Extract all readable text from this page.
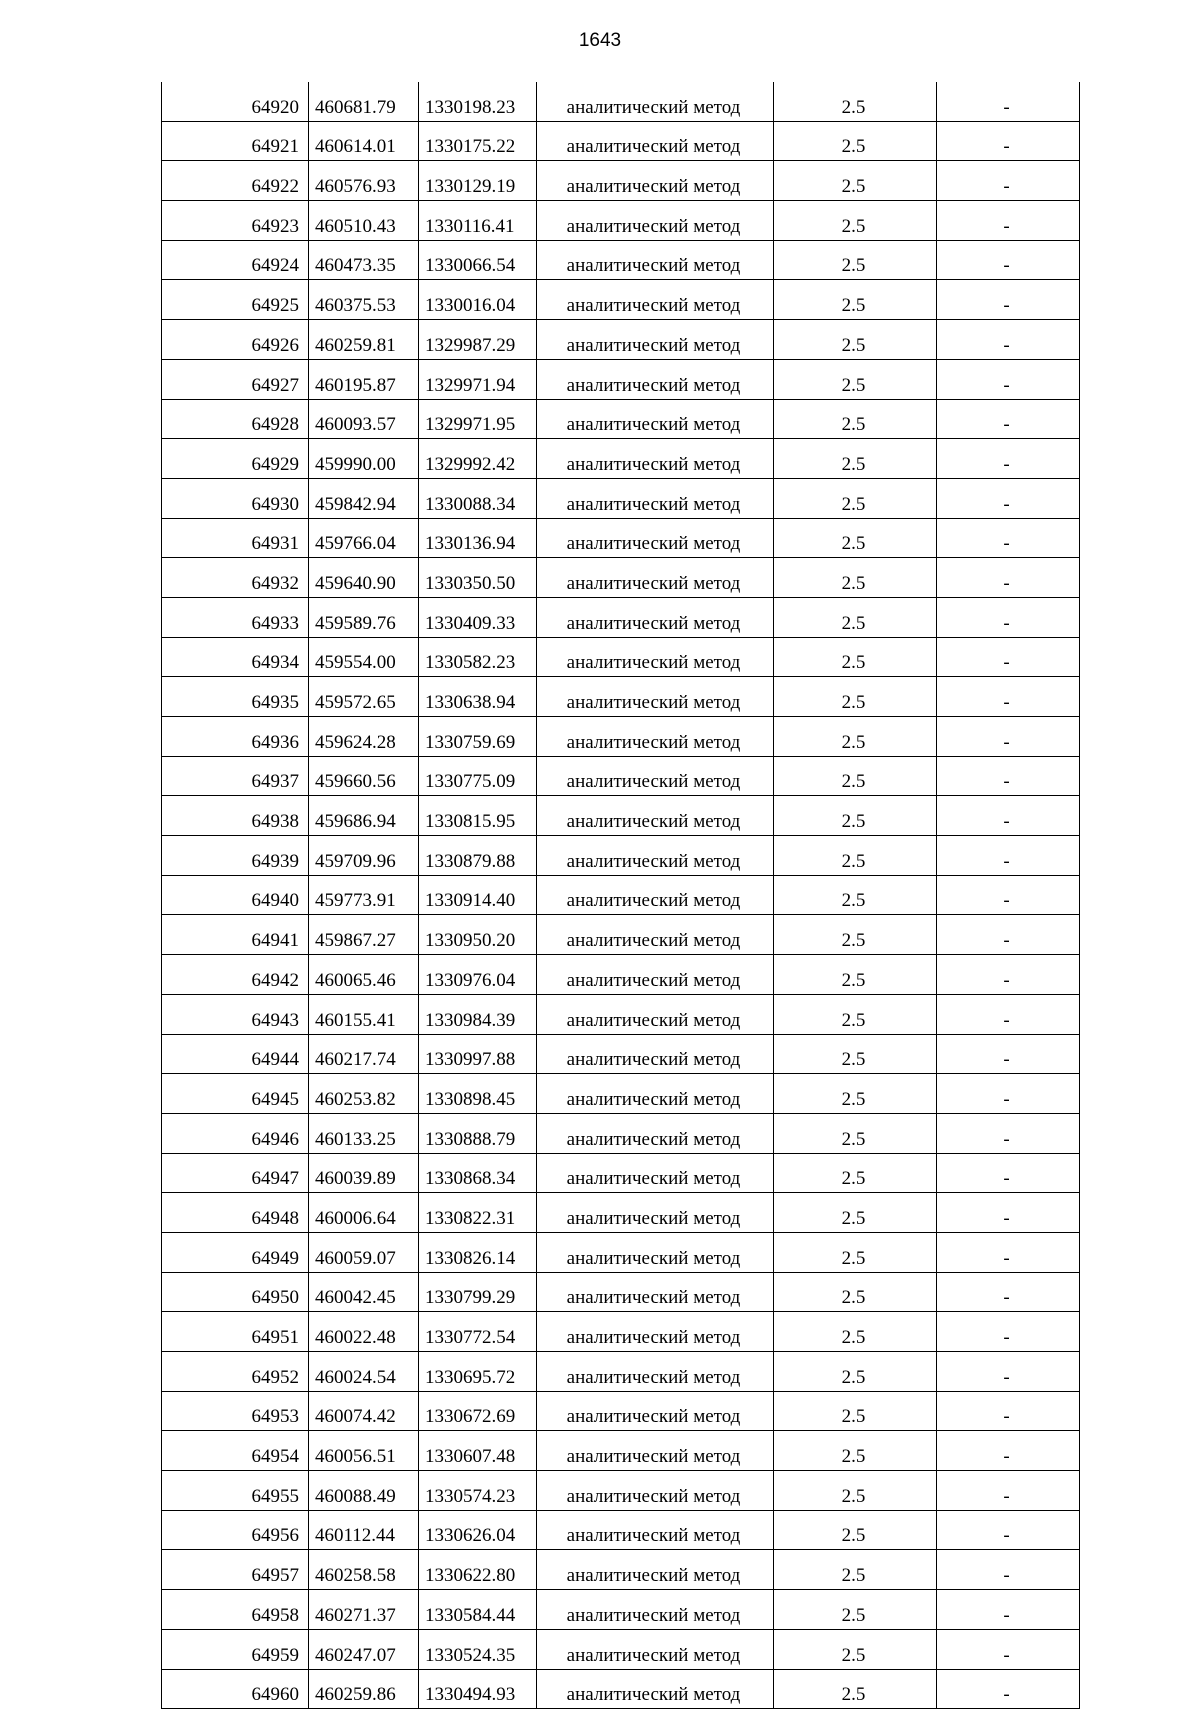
1643
64920	460681.79	1330198.23	аналитический метод	2.5	-
64921	460614.01	1330175.22	аналитический метод	2.5	-
64922	460576.93	1330129.19	аналитический метод	2.5	-
64923	460510.43	1330116.41	аналитический метод	2.5	-
64924	460473.35	1330066.54	аналитический метод	2.5	-
64925	460375.53	1330016.04	аналитический метод	2.5	-
64926	460259.81	1329987.29	аналитический метод	2.5	-
64927	460195.87	1329971.94	аналитический метод	2.5	-
64928	460093.57	1329971.95	аналитический метод	2.5	-
64929	459990.00	1329992.42	аналитический метод	2.5	-
64930	459842.94	1330088.34	аналитический метод	2.5	-
64931	459766.04	1330136.94	аналитический метод	2.5	-
64932	459640.90	1330350.50	аналитический метод	2.5	-
64933	459589.76	1330409.33	аналитический метод	2.5	-
64934	459554.00	1330582.23	аналитический метод	2.5	-
64935	459572.65	1330638.94	аналитический метод	2.5	-
64936	459624.28	1330759.69	аналитический метод	2.5	-
64937	459660.56	1330775.09	аналитический метод	2.5	-
64938	459686.94	1330815.95	аналитический метод	2.5	-
64939	459709.96	1330879.88	аналитический метод	2.5	-
64940	459773.91	1330914.40	аналитический метод	2.5	-
64941	459867.27	1330950.20	аналитический метод	2.5	-
64942	460065.46	1330976.04	аналитический метод	2.5	-
64943	460155.41	1330984.39	аналитический метод	2.5	-
64944	460217.74	1330997.88	аналитический метод	2.5	-
64945	460253.82	1330898.45	аналитический метод	2.5	-
64946	460133.25	1330888.79	аналитический метод	2.5	-
64947	460039.89	1330868.34	аналитический метод	2.5	-
64948	460006.64	1330822.31	аналитический метод	2.5	-
64949	460059.07	1330826.14	аналитический метод	2.5	-
64950	460042.45	1330799.29	аналитический метод	2.5	-
64951	460022.48	1330772.54	аналитический метод	2.5	-
64952	460024.54	1330695.72	аналитический метод	2.5	-
64953	460074.42	1330672.69	аналитический метод	2.5	-
64954	460056.51	1330607.48	аналитический метод	2.5	-
64955	460088.49	1330574.23	аналитический метод	2.5	-
64956	460112.44	1330626.04	аналитический метод	2.5	-
64957	460258.58	1330622.80	аналитический метод	2.5	-
64958	460271.37	1330584.44	аналитический метод	2.5	-
64959	460247.07	1330524.35	аналитический метод	2.5	-
64960	460259.86	1330494.93	аналитический метод	2.5	-
